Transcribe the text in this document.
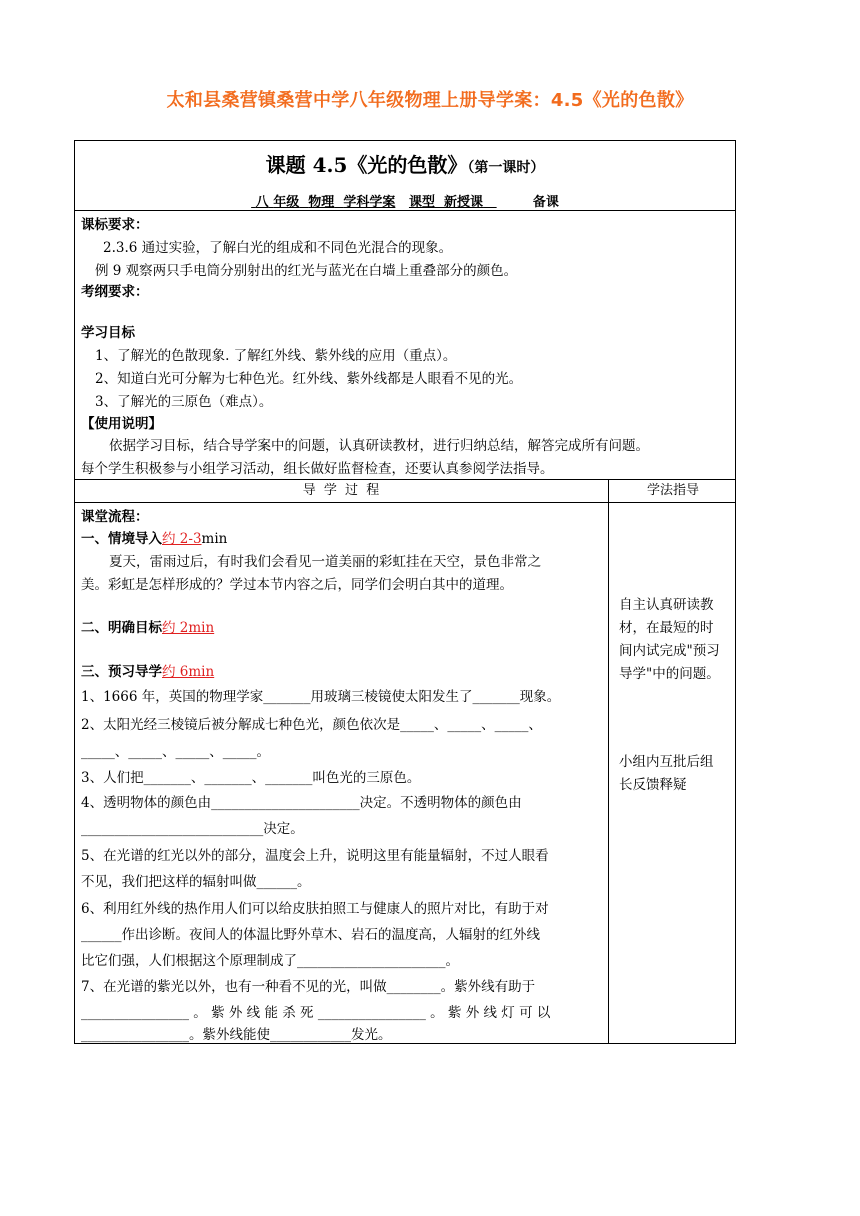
太和县桑营镇桑营中学八年级物理上册导学案：4.5《光的色散》
课题 4.5《光的色散》（第一课时）
八 年级 物理 学科学案 课型 新授课	备课
课标要求：
2.3.6 通过实验，了解白光的组成和不同色光混合的现象。
例 9 观察两只手电筒分别射出的红光与蓝光在白墙上重叠部分的颜色。
考纲要求：
学习目标
1、了解光的色散现象. 了解红外线、紫外线的应用（重点）。
2、知道白光可分解为七种色光。红外线、紫外线都是人眼看不见的光。
3、了解光的三原色（难点）。
【使用说明】
依据学习目标，结合导学案中的问题，认真研读教材，进行归纳总结，解答完成所有问题。
每个学生积极参与小组学习活动，组长做好监督检查，还要认真参阅学法指导。
导 学 过 程	学法指导
课堂流程：
一、情境导入约 2-3min
夏天，雷雨过后，有时我们会看见一道美丽的彩虹挂在天空，景色非常之
美。彩虹是怎样形成的？学过本节内容之后，同学们会明白其中的道理。
二、明确目标约 2min
三、预习导学约 6min
1、1666 年，英国的物理学家_______用玻璃三棱镜使太阳发生了_______现象。
2、太阳光经三棱镜后被分解成七种色光，颜色依次是_____、_____、_____、
_____、_____、_____、_____。
3、人们把_______、_______、_______叫色光的三原色。
4、透明物体的颜色由______________________决定。不透明物体的颜色由
___________________________决定。
5、在光谱的红光以外的部分，温度会上升，说明这里有能量辐射，不过人眼看
不见，我们把这样的辐射叫做______。
6、利用红外线的热作用人们可以给皮肤拍照工与健康人的照片对比，有助于对
______作出诊断。夜间人的体温比野外草木、岩石的温度高，人辐射的红外线
比它们强，人们根据这个原理制成了______________________。
7、在光谱的紫光以外，也有一种看不见的光，叫做________。紫外线有助于
________________ 。 紫 外 线 能 杀 死 ________________ 。 紫 外 线 灯 可 以
________________。紫外线能使____________发光。
自主认真研读教
材，在最短的时
间内试完成"预习
导学"中的问题。
小组内互批后组
长反馈释疑
